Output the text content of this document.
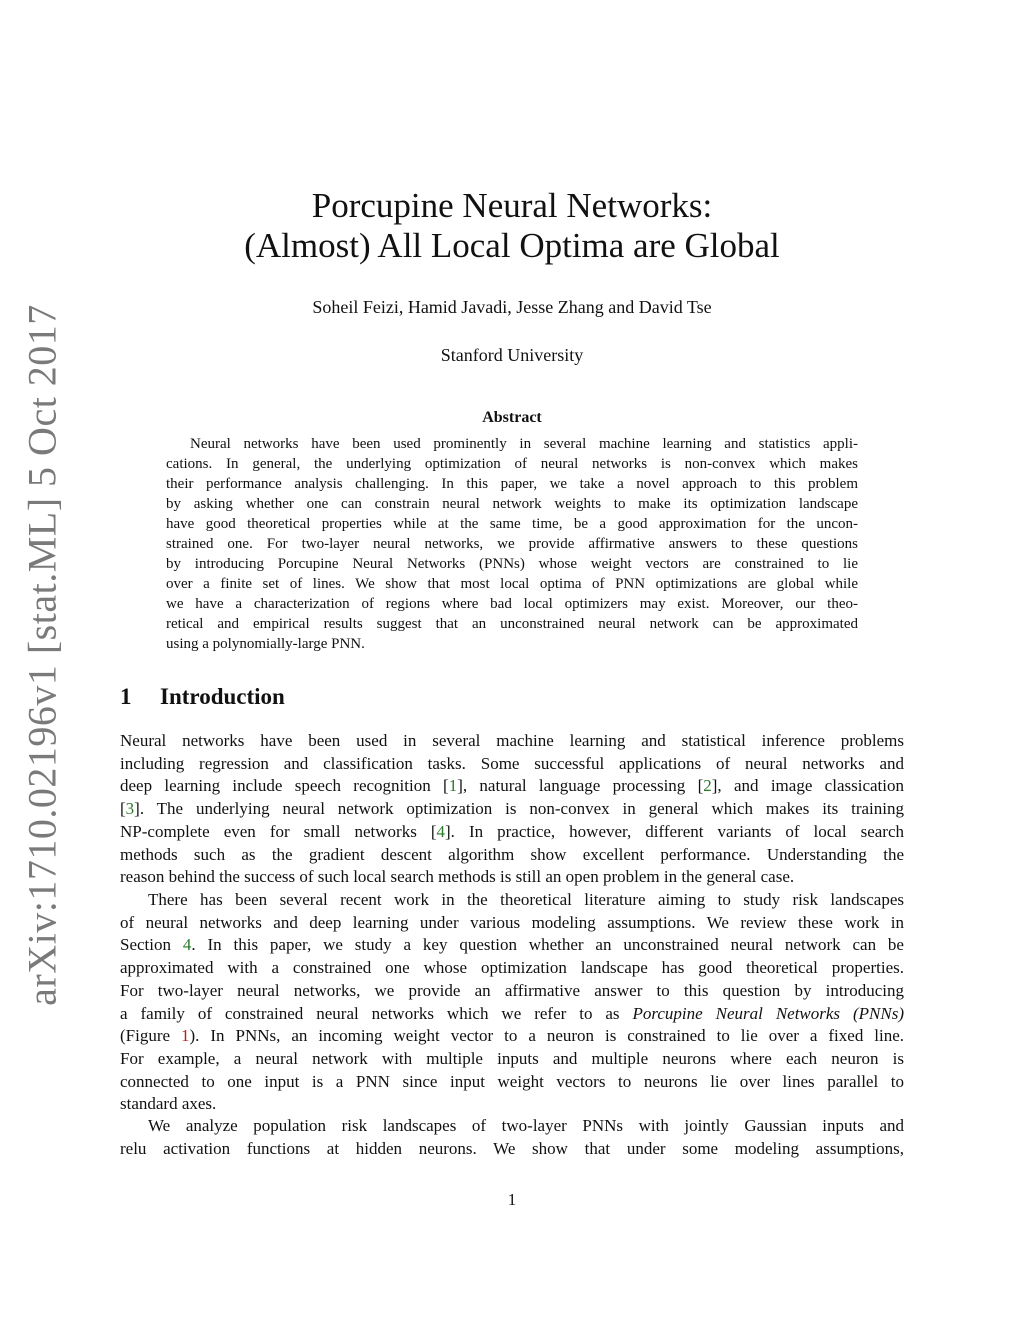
arXiv:1710.02196v1 [stat.ML] 5 Oct 2017
Porcupine Neural Networks:
(Almost) All Local Optima are Global
Soheil Feizi, Hamid Javadi, Jesse Zhang and David Tse
Stanford University
Abstract
Neural networks have been used prominently in several machine learning and statistics appli-
cations. In general, the underlying optimization of neural networks is non-convex which makes
their performance analysis challenging. In this paper, we take a novel approach to this problem
by asking whether one can constrain neural network weights to make its optimization landscape
have good theoretical properties while at the same time, be a good approximation for the uncon-
strained one. For two-layer neural networks, we provide affirmative answers to these questions
by introducing Porcupine Neural Networks (PNNs) whose weight vectors are constrained to lie
over a finite set of lines. We show that most local optima of PNN optimizations are global while
we have a characterization of regions where bad local optimizers may exist. Moreover, our theo-
retical and empirical results suggest that an unconstrained neural network can be approximated
using a polynomially-large PNN.
1 Introduction
Neural networks have been used in several machine learning and statistical inference problems
including regression and classification tasks. Some successful applications of neural networks and
deep learning include speech recognition [1], natural language processing [2], and image classication
[3]. The underlying neural network optimization is non-convex in general which makes its training
NP-complete even for small networks [4]. In practice, however, different variants of local search
methods such as the gradient descent algorithm show excellent performance. Understanding the
reason behind the success of such local search methods is still an open problem in the general case.
There has been several recent work in the theoretical literature aiming to study risk landscapes
of neural networks and deep learning under various modeling assumptions. We review these work in
Section 4. In this paper, we study a key question whether an unconstrained neural network can be
approximated with a constrained one whose optimization landscape has good theoretical properties.
For two-layer neural networks, we provide an affirmative answer to this question by introducing
a family of constrained neural networks which we refer to as Porcupine Neural Networks (PNNs)
(Figure 1). In PNNs, an incoming weight vector to a neuron is constrained to lie over a fixed line.
For example, a neural network with multiple inputs and multiple neurons where each neuron is
connected to one input is a PNN since input weight vectors to neurons lie over lines parallel to
standard axes.
We analyze population risk landscapes of two-layer PNNs with jointly Gaussian inputs and
relu activation functions at hidden neurons. We show that under some modeling assumptions,
1
